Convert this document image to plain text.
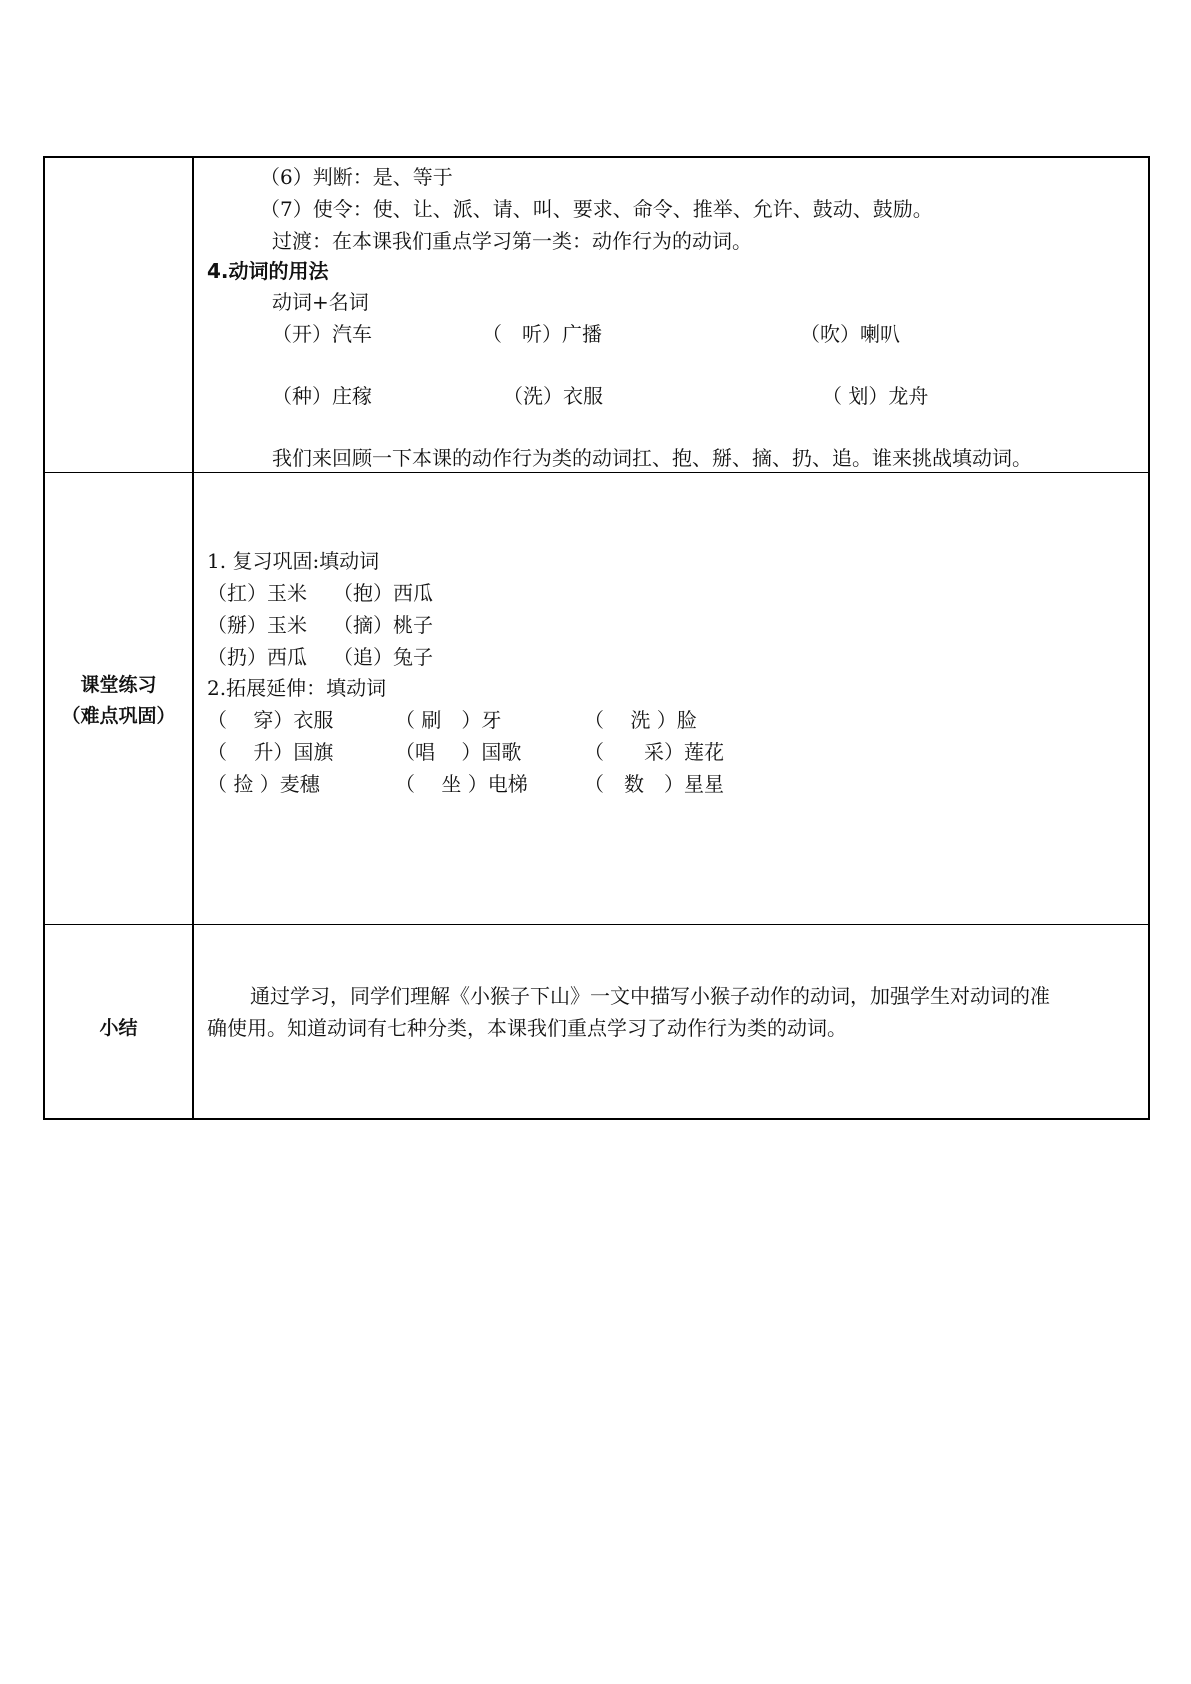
（6）判断：是、等于
（7）使令：使、让、派、请、叫、要求、命令、推举、允许、鼓动、鼓励。
过渡：在本课我们重点学习第一类：动作行为的动词。
4.动词的用法
动词+名词
（开）汽车	（　听）广播	（吹）喇叭
（种）庄稼	（洗）衣服	（ 划）龙舟
我们来回顾一下本课的动作行为类的动词扛、抱、掰、摘、扔、追。谁来挑战填动词。
课堂练习
（难点巩固）
1. 复习巩固:填动词
（扛）玉米 （抱）西瓜
（掰）玉米 （摘）桃子
（扔）西瓜 （追）兔子
2.拓展延伸：填动词
（　 穿）衣服	（ 刷　）牙	（　 洗 ）脸
（　 升）国旗	（唱　 ）国歌	（　　采）莲花
（ 捡 ）麦穗	（　 坐 ）电梯	（　数　）星星
小结
通过学习，同学们理解《小猴子下山》一文中描写小猴子动作的动词，加强学生对动词的准
确使用。知道动词有七种分类，本课我们重点学习了动作行为类的动词。
